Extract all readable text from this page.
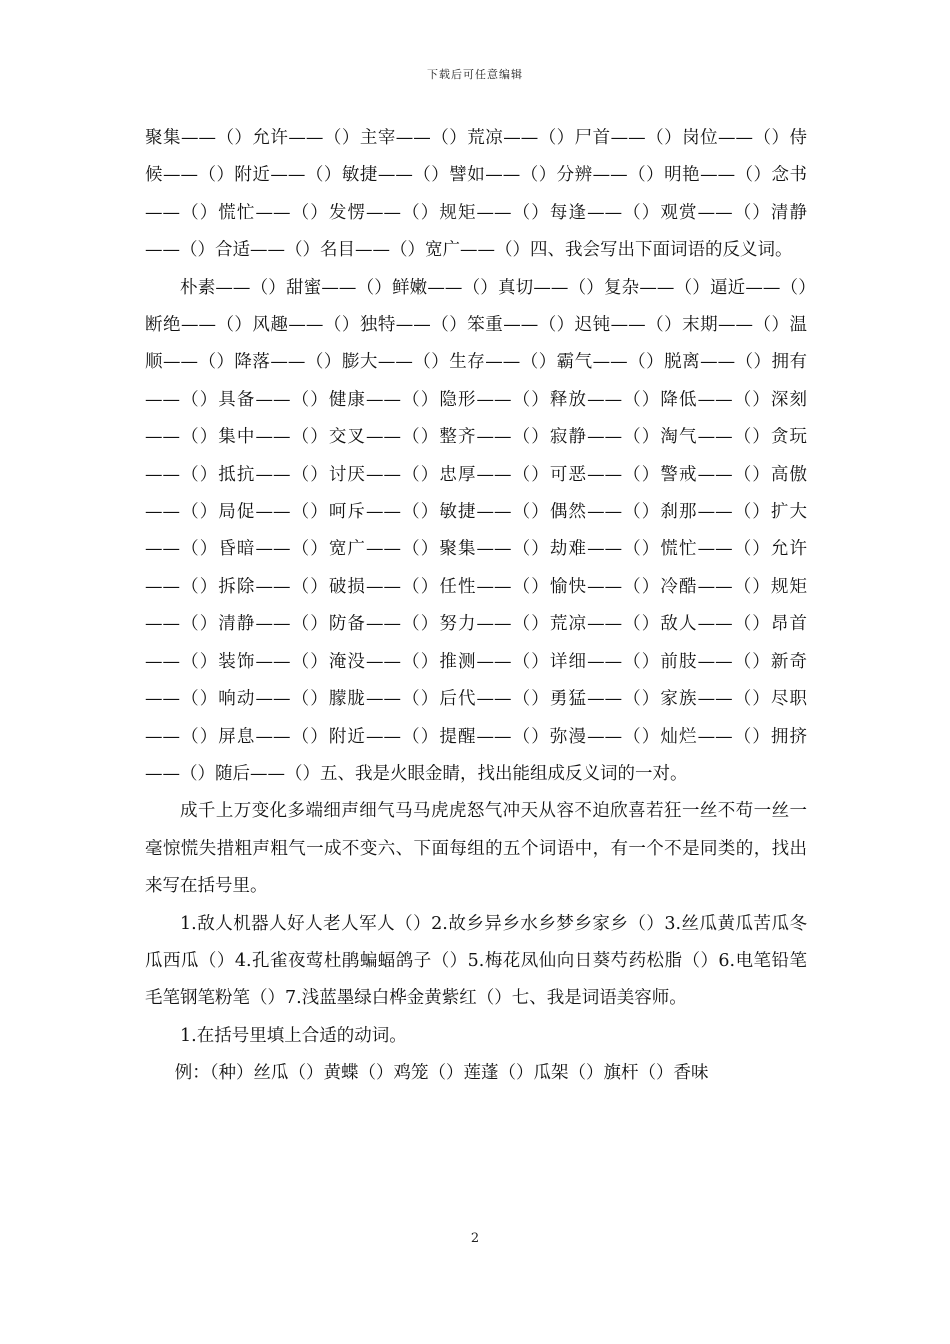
下载后可任意编辑

聚集——（）允许——（）主宰——（）荒凉——（）尸首——（）岗位——（）侍候——（）附近——（）敏捷——（）譬如——（）分辨——（）明艳——（）念书——（）慌忙——（）发愣——（）规矩——（）每逢——（）观赏——（）清静——（）合适——（）名目——（）宽广——（）四、我会写出下面词语的反义词。

朴素——（）甜蜜——（）鲜嫩——（）真切——（）复杂——（）逼近——（）断绝——（）风趣——（）独特——（）笨重——（）迟钝——（）末期——（）温顺——（）降落——（）膨大——（）生存——（）霸气——（）脱离——（）拥有——（）具备——（）健康——（）隐形——（）释放——（）降低——（）深刻——（）集中——（）交叉——（）整齐——（）寂静——（）淘气——（）贪玩——（）抵抗——（）讨厌——（）忠厚——（）可恶——（）警戒——（）高傲——（）局促——（）呵斥——（）敏捷——（）偶然——（）刹那——（）扩大——（）昏暗——（）宽广——（）聚集——（）劫难——（）慌忙——（）允许——（）拆除——（）破损——（）任性——（）愉快——（）冷酷——（）规矩——（）清静——（）防备——（）努力——（）荒凉——（）敌人——（）昂首——（）装饰——（）淹没——（）推测——（）详细——（）前肢——（）新奇——（）响动——（）朦胧——（）后代——（）勇猛——（）家族——（）尽职——（）屏息——（）附近——（）提醒——（）弥漫——（）灿烂——（）拥挤——（）随后——（）五、我是火眼金睛，找出能组成反义词的一对。

成千上万变化多端细声细气马马虎虎怒气冲天从容不迫欣喜若狂一丝不苟一丝一毫惊慌失措粗声粗气一成不变六、下面每组的五个词语中，有一个不是同类的，找出来写在括号里。

1.敌人机器人好人老人军人（）2.故乡异乡水乡梦乡家乡（）3.丝瓜黄瓜苦瓜冬瓜西瓜（）4.孔雀夜莺杜鹃蝙蝠鸽子（）5.梅花凤仙向日葵芍药松脂（）6.电笔铅笔毛笔钢笔粉笔（）7.浅蓝墨绿白桦金黄紫红（）七、我是词语美容师。

1.在括号里填上合适的动词。

例：（种）丝瓜（）黄蝶（）鸡笼（）莲蓬（）瓜架（）旗杆（）香味

2
